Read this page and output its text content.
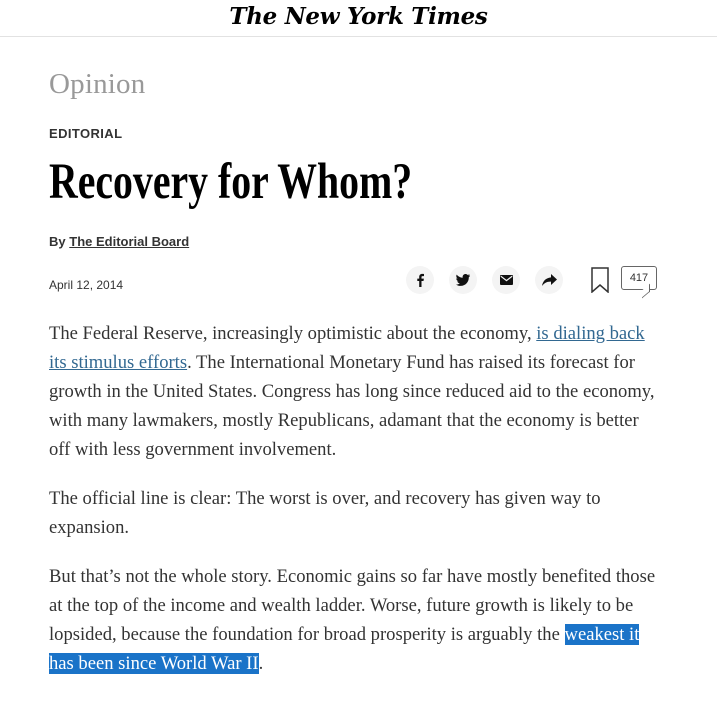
The New York Times
Opinion
EDITORIAL
Recovery for Whom?
By The Editorial Board
April 12, 2014	417

The Federal Reserve, increasingly optimistic about the economy, is dialing back its stimulus efforts. The International Monetary Fund has raised its forecast for growth in the United States. Congress has long since reduced aid to the economy, with many lawmakers, mostly Republicans, adamant that the economy is better off with less government involvement.

The official line is clear: The worst is over, and recovery has given way to expansion.

But that’s not the whole story. Economic gains so far have mostly benefited those at the top of the income and wealth ladder. Worse, future growth is likely to be lopsided, because the foundation for broad prosperity is arguably the weakest it has been since World War II.
